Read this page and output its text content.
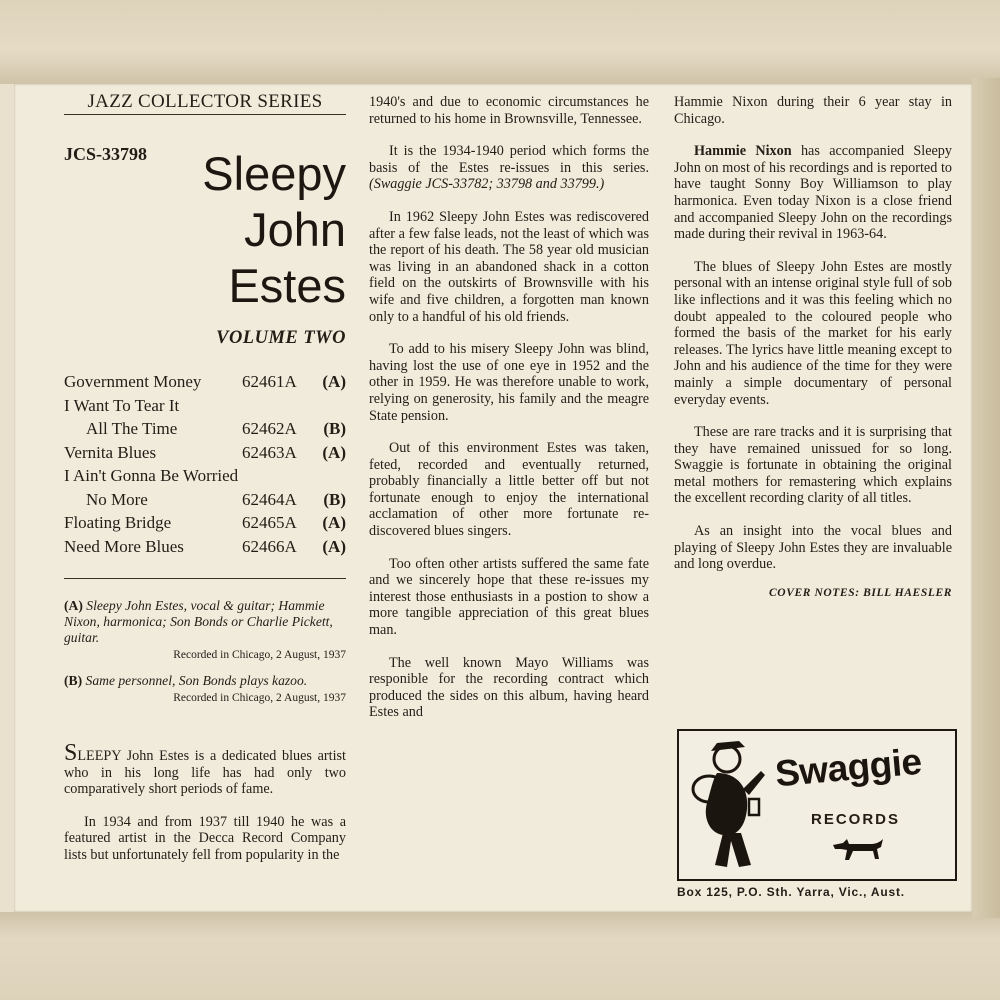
JAZZ COLLECTOR SERIES
JCS-33798 Sleepy
John
Estes
VOLUME TWO
Government Money 62461A (A)
I Want To Tear It
All The Time	62462A (B)
Vernita Blues	62463A (A)
I Ain't Gonna Be Worried
No More	62464A (B)
Floating Bridge	62465A (A)
Need More Blues	62466A (A)
(A) Sleepy John Estes, vocal & guitar; Hammie Nixon, harmonica; Son Bonds or Charlie Pickett, guitar.
Recorded in Chicago, 2 August, 1937
(B) Same personnel, Son Bonds plays kazoo.
Recorded in Chicago, 2 August, 1937

SLEEPY John Estes is a dedicated blues artist who in his long life has had only two comparatively short periods of fame.

In 1934 and from 1937 till 1940 he was a featured artist in the Decca Record Company lists but unfortunately fell from popularity in the

1940's and due to economic circumstances he returned to his home in Brownsville, Tennessee.

It is the 1934-1940 period which forms the basis of the Estes re-issues in this series. (Swaggie JCS-33782; 33798 and 33799.)

In 1962 Sleepy John Estes was rediscovered after a few false leads, not the least of which was the report of his death. The 58 year old musician was living in an abandoned shack in a cotton field on the outskirts of Brownsville with his wife and five children, a forgotten man known only to a handful of his old friends.

To add to his misery Sleepy John was blind, having lost the use of one eye in 1952 and the other in 1959. He was therefore unable to work, relying on generosity, his family and the meagre State pension.

Out of this environment Estes was taken, feted, recorded and eventually returned, probably financially a little better off but not fortunate enough to enjoy the international acclamation of other more fortunate re-discovered blues singers.

Too often other artists suffered the same fate and we sincerely hope that these re-issues my interest those enthusiasts in a postion to show a more tangible appreciation of this great blues man.

The well known Mayo Williams was responible for the recording contract which produced the sides on this album, having heard Estes and

Hammie Nixon during their 6 year stay in Chicago.

Hammie Nixon has accompanied Sleepy John on most of his recordings and is reported to have taught Sonny Boy Williamson to play harmonica. Even today Nixon is a close friend and accompanied Sleepy John on the recordings made during their revival in 1963-64.

The blues of Sleepy John Estes are mostly personal with an intense original style full of sob like inflections and it was this feeling which no doubt appealed to the coloured people who formed the basis of the market for his early releases. The lyrics have little meaning except to John and his audience of the time for they were mainly a simple documentary of personal everyday events.

These are rare tracks and it is surprising that they have remained unissued for so long. Swaggie is fortunate in obtaining the original metal mothers for remastering which explains the excellent recording clarity of all titles.

As an insight into the vocal blues and playing of Sleepy John Estes they are invaluable and long overdue.

COVER NOTES: BILL HAESLER
Swaggie
RECORDS
Box 125, P.O. Sth. Yarra, Vic., Aust.
